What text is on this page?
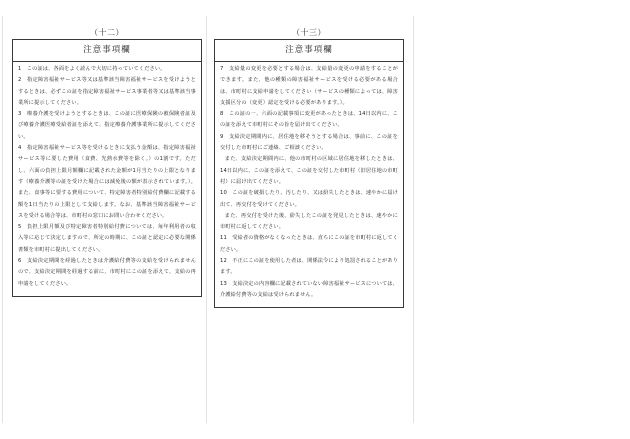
（十二）
注意事項欄

1　この証は、各面をよく読んで大切に持っていてください。

2　指定障害福祉サービス等又は基準該当障害福祉サービスを受けようとするときは、必ずこの証を指定障害福祉サービス事業者等又は基準該当事業所に提示してください。

3　療養介護を受けようとするときは、この証に医療保険の被保険者証及び療養介護医療受給者証を添えて、指定療養介護事業所に提示してください。

4　指定障害福祉サービス等を受けるときに支払う金額は、指定障害福祉サービス等に要した費用（食費、光熱水費等を除く。）の1割です。ただし、六面の負担上限月額欄に記載された金額が1月当たりの上限となります（療養介護等の証を受けた場合には減免後の額が表示されています。）。また、食事等に要する費用について、特定障害者特別給付費欄に記載する額を1日当たりの上限として支給します。なお、基準該当障害福祉サービスを受ける場合等は、市町村の窓口にお問い合わせください。

5　負担上限月額及び特定障害者特別給付費については、毎年利用者の収入等に応じて決定しますので、所定の時期に、この証と認定に必要な関係書類を市町村に提出してください。

6　支給決定期間を経過したときは介護給付費等の支給を受けられませんので、支給決定期間を経過する前に、市町村にこの証を添えて、支給の再申請をしてください。

（十三）
注意事項欄

7　支給量の変更を必要とする場合は、支給量の変更の申請をすることができます。また、他の種類の障害福祉サービスを受ける必要がある場合は、市町村に支給申請をしてください（サービスの種類によっては、障害支援区分の（変更）認定を受ける必要があります。）。

8　この証の一、六面の記載事項に変更があったときは、14日以内に、この証を添えて市町村にその旨を届け出てください。

9　支給決定期間内に、居住地を移そうとする場合は、事前に、この証を交付した市町村にご連絡、ご相談ください。

また、支給決定期間内に、他の市町村の区域に居住地を移したときは、14日以内に、この証を添えて、この証を交付した市町村（旧居住地の市町村）に届け出てください。

10　この証を破損したり、汚したり、又は紛失したときは、速やかに届け出て、再交付を受けてください。

また、再交付を受けた後、紛失したこの証を発見したときは、速やかに市町村に返してください。

11　受給者の資格がなくなったときは、直ちにこの証を市町村に返してください。

12　不正にこの証を使用した者は、関係法令により処罰されることがあります。

13　支給決定の内容欄に記載されていない障害福祉サービスについては、介護給付費等の支給は受けられません。
